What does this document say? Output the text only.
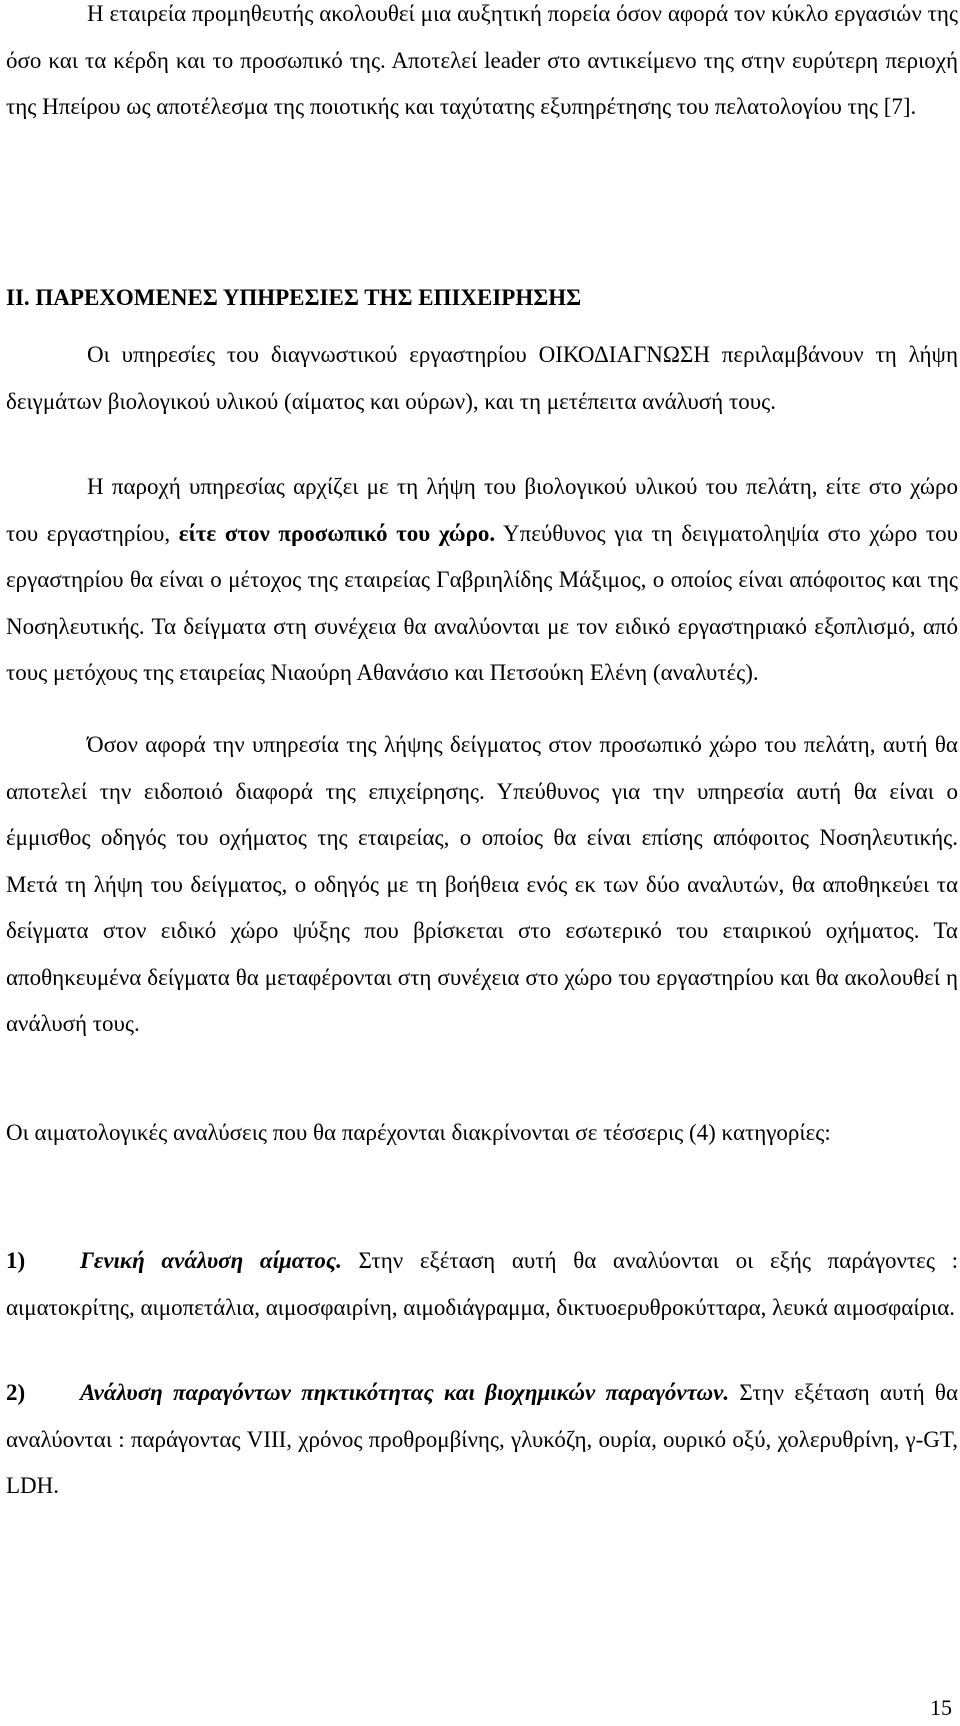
Η εταιρεία προμηθευτής ακολουθεί μια αυξητική πορεία όσον αφορά τον κύκλο εργασιών της όσο και τα κέρδη και το προσωπικό της. Αποτελεί leader στο αντικείμενο της στην ευρύτερη περιοχή της Ηπείρου ως αποτέλεσμα της ποιοτικής και ταχύτατης εξυπηρέτησης του πελατολογίου της [7].

II. ΠΑΡΕΧΟΜΕΝΕΣ ΥΠΗΡΕΣΙΕΣ ΤΗΣ ΕΠΙΧΕΙΡΗΣΗΣ

Οι υπηρεσίες του διαγνωστικού εργαστηρίου ΟΙΚΟΔΙΑΓΝΩΣΗ περιλαμβάνουν τη λήψη δειγμάτων βιολογικού υλικού (αίματος και ούρων), και τη μετέπειτα ανάλυσή τους.

Η παροχή υπηρεσίας αρχίζει με τη λήψη του βιολογικού υλικού του πελάτη, είτε στο χώρο του εργαστηρίου, είτε στον προσωπικό του χώρο. Υπεύθυνος για τη δειγματοληψία στο χώρο του εργαστηρίου θα είναι ο μέτοχος της εταιρείας Γαβριηλίδης Μάξιμος, ο οποίος είναι απόφοιτος και της Νοσηλευτικής. Τα δείγματα στη συνέχεια θα αναλύονται με τον ειδικό εργαστηριακό εξοπλισμό, από τους μετόχους της εταιρείας Νιαούρη Αθανάσιο και Πετσούκη Ελένη (αναλυτές).

Όσον αφορά την υπηρεσία της λήψης δείγματος στον προσωπικό χώρο του πελάτη, αυτή θα αποτελεί την ειδοποιό διαφορά της επιχείρησης. Υπεύθυνος για την υπηρεσία αυτή θα είναι ο έμμισθος οδηγός του οχήματος της εταιρείας, ο οποίος θα είναι επίσης απόφοιτος Νοσηλευτικής. Μετά τη λήψη του δείγματος, ο οδηγός με τη βοήθεια ενός εκ των δύο αναλυτών, θα αποθηκεύει τα δείγματα στον ειδικό χώρο ψύξης που βρίσκεται στο εσωτερικό του εταιρικού οχήματος. Τα αποθηκευμένα δείγματα θα μεταφέρονται στη συνέχεια στο χώρο του εργαστηρίου και θα ακολουθεί η ανάλυσή τους.

Οι αιματολογικές αναλύσεις που θα παρέχονται διακρίνονται σε τέσσερις (4) κατηγορίες:

1) Γενική ανάλυση αίματος. Στην εξέταση αυτή θα αναλύονται οι εξής παράγοντες : αιματοκρίτης, αιμοπετάλια, αιμοσφαιρίνη, αιμοδιάγραμμα, δικτυοερυθροκύτταρα, λευκά αιμοσφαίρια.

2) Ανάλυση παραγόντων πηκτικότητας και βιοχημικών παραγόντων. Στην εξέταση αυτή θα αναλύονται : παράγοντας VIII, χρόνος προθρομβίνης, γλυκόζη, ουρία, ουρικό οξύ, χολερυθρίνη, γ-GT, LDH.

15
